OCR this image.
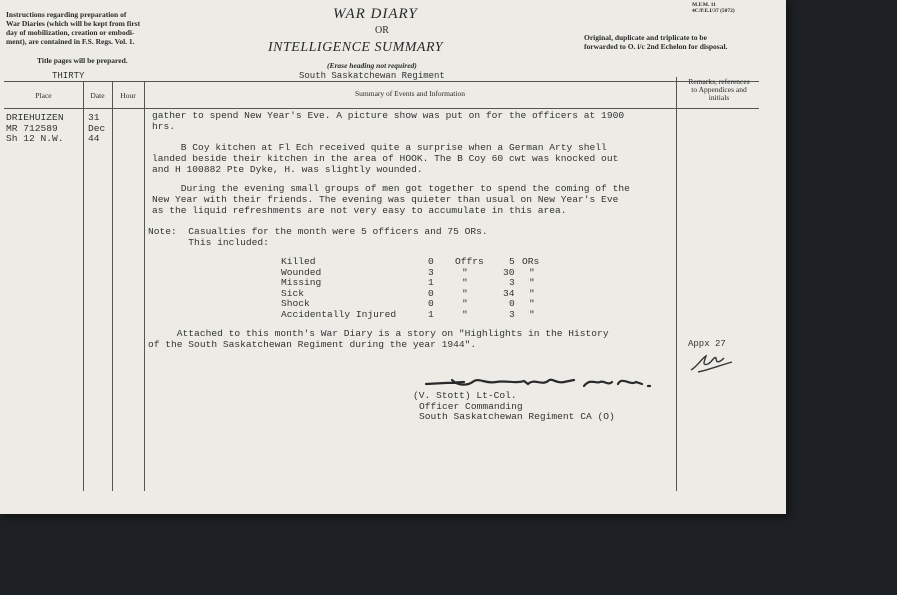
Instructions regarding preparation of
War Diaries (which will be kept from first
day of mobilization, creation or embodi-
ment), are contained in F.S. Regs. Vol. 1.
Title pages will be prepared.
WAR DIARY
OR
INTELLIGENCE SUMMARY
(Erase heading not required)
M.F.M. 11
4C/P.E.I/37 (5072)
Original, duplicate and triplicate to be
forwarded to O. i/c 2nd Echelon for disposal.
THIRTY	South Saskatchewan Regiment
Place	Date	Hour	Summary of Events and Information
Remarks, references
to Appendices and
initials
DRIEHUIZEN
MR 712589
Sh 12 N.W.
31
Dec
44
gather to spend New Year's Eve. A picture show was put on for the officers at 1900
hrs.
B Coy kitchen at Fl Ech received quite a surprise when a German Arty shell
landed beside their kitchen in the area of HOOK. The B Coy 60 cwt was knocked out
and H 100882 Pte Dyke, H. was slightly wounded.
During the evening small groups of men got together to spend the coming of the
New Year with their friends. The evening was quieter than usual on New Year's Eve
as the liquid refreshments are not very easy to accumulate in this area.
Note:  Casualties for the month were 5 officers and 75 ORs.
This included:
Killed	0 Offrs	5 ORs
Wounded	3	"	30 "
Missing	1	"	3 "
Sick	0	"	34 "
Shock	0	"	0 "
Accidentally Injured	1	"	3 "
Attached to this month's War Diary is a story on "Highlights in the History
of the South Saskatchewan Regiment during the year 1944".	Appx 27
(V. Stott) Lt-Col.
Officer Commanding
South Saskatchewan Regiment CA (O)
